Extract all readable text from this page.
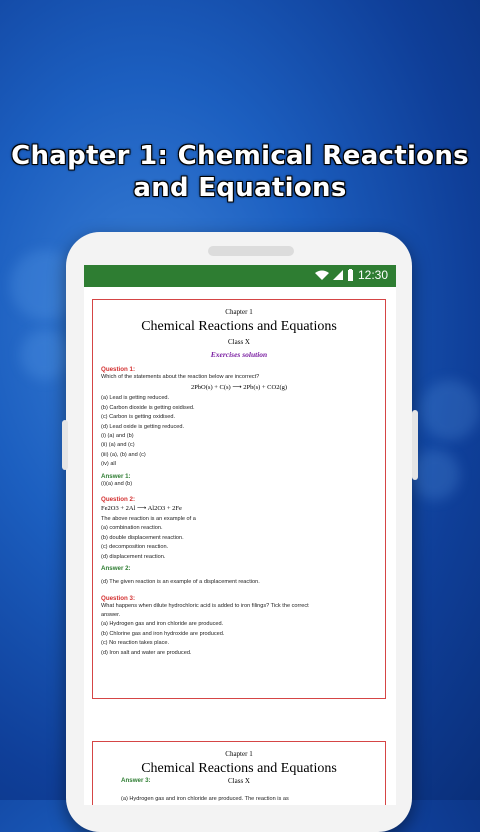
Chapter 1: Chemical Reactions
and Equations
12:30
Chapter 1
Chemical Reactions and Equations
Class X
Exercises solution
Question 1:
Which of the statements about the reaction below are incorrect?
2PbO(s) + C(s) ⟶ 2Pb(s) + CO2(g)
(a) Lead is getting reduced.
(b) Carbon dioxide is getting oxidised.
(c) Carbon is getting oxidised.
(d) Lead oxide is getting reduced.
(i) (a) and (b)
(ii) (a) and (c)
(iii) (a), (b) and (c)
(iv) all
Answer 1:
(i)(a) and (b)
Question 2:
Fe2O3 + 2Al ⟶ Al2O3 + 2Fe
The above reaction is an example of a
(a) combination reaction.
(b) double displacement reaction.
(c) decomposition reaction.
(d) displacement reaction.
Answer 2:
(d) The given reaction is an example of a displacement reaction.
Question 3:
What happens when dilute hydrochloric acid is added to iron filings? Tick the correct
answer.
(a) Hydrogen gas and iron chloride are produced.
(b) Chlorine gas and iron hydroxide are produced.
(c) No reaction takes place.
(d) Iron salt and water are produced.
Chapter 1
Chemical Reactions and Equations
Answer 3:	Class X
(a) Hydrogen gas and iron chloride are produced. The reaction is as
